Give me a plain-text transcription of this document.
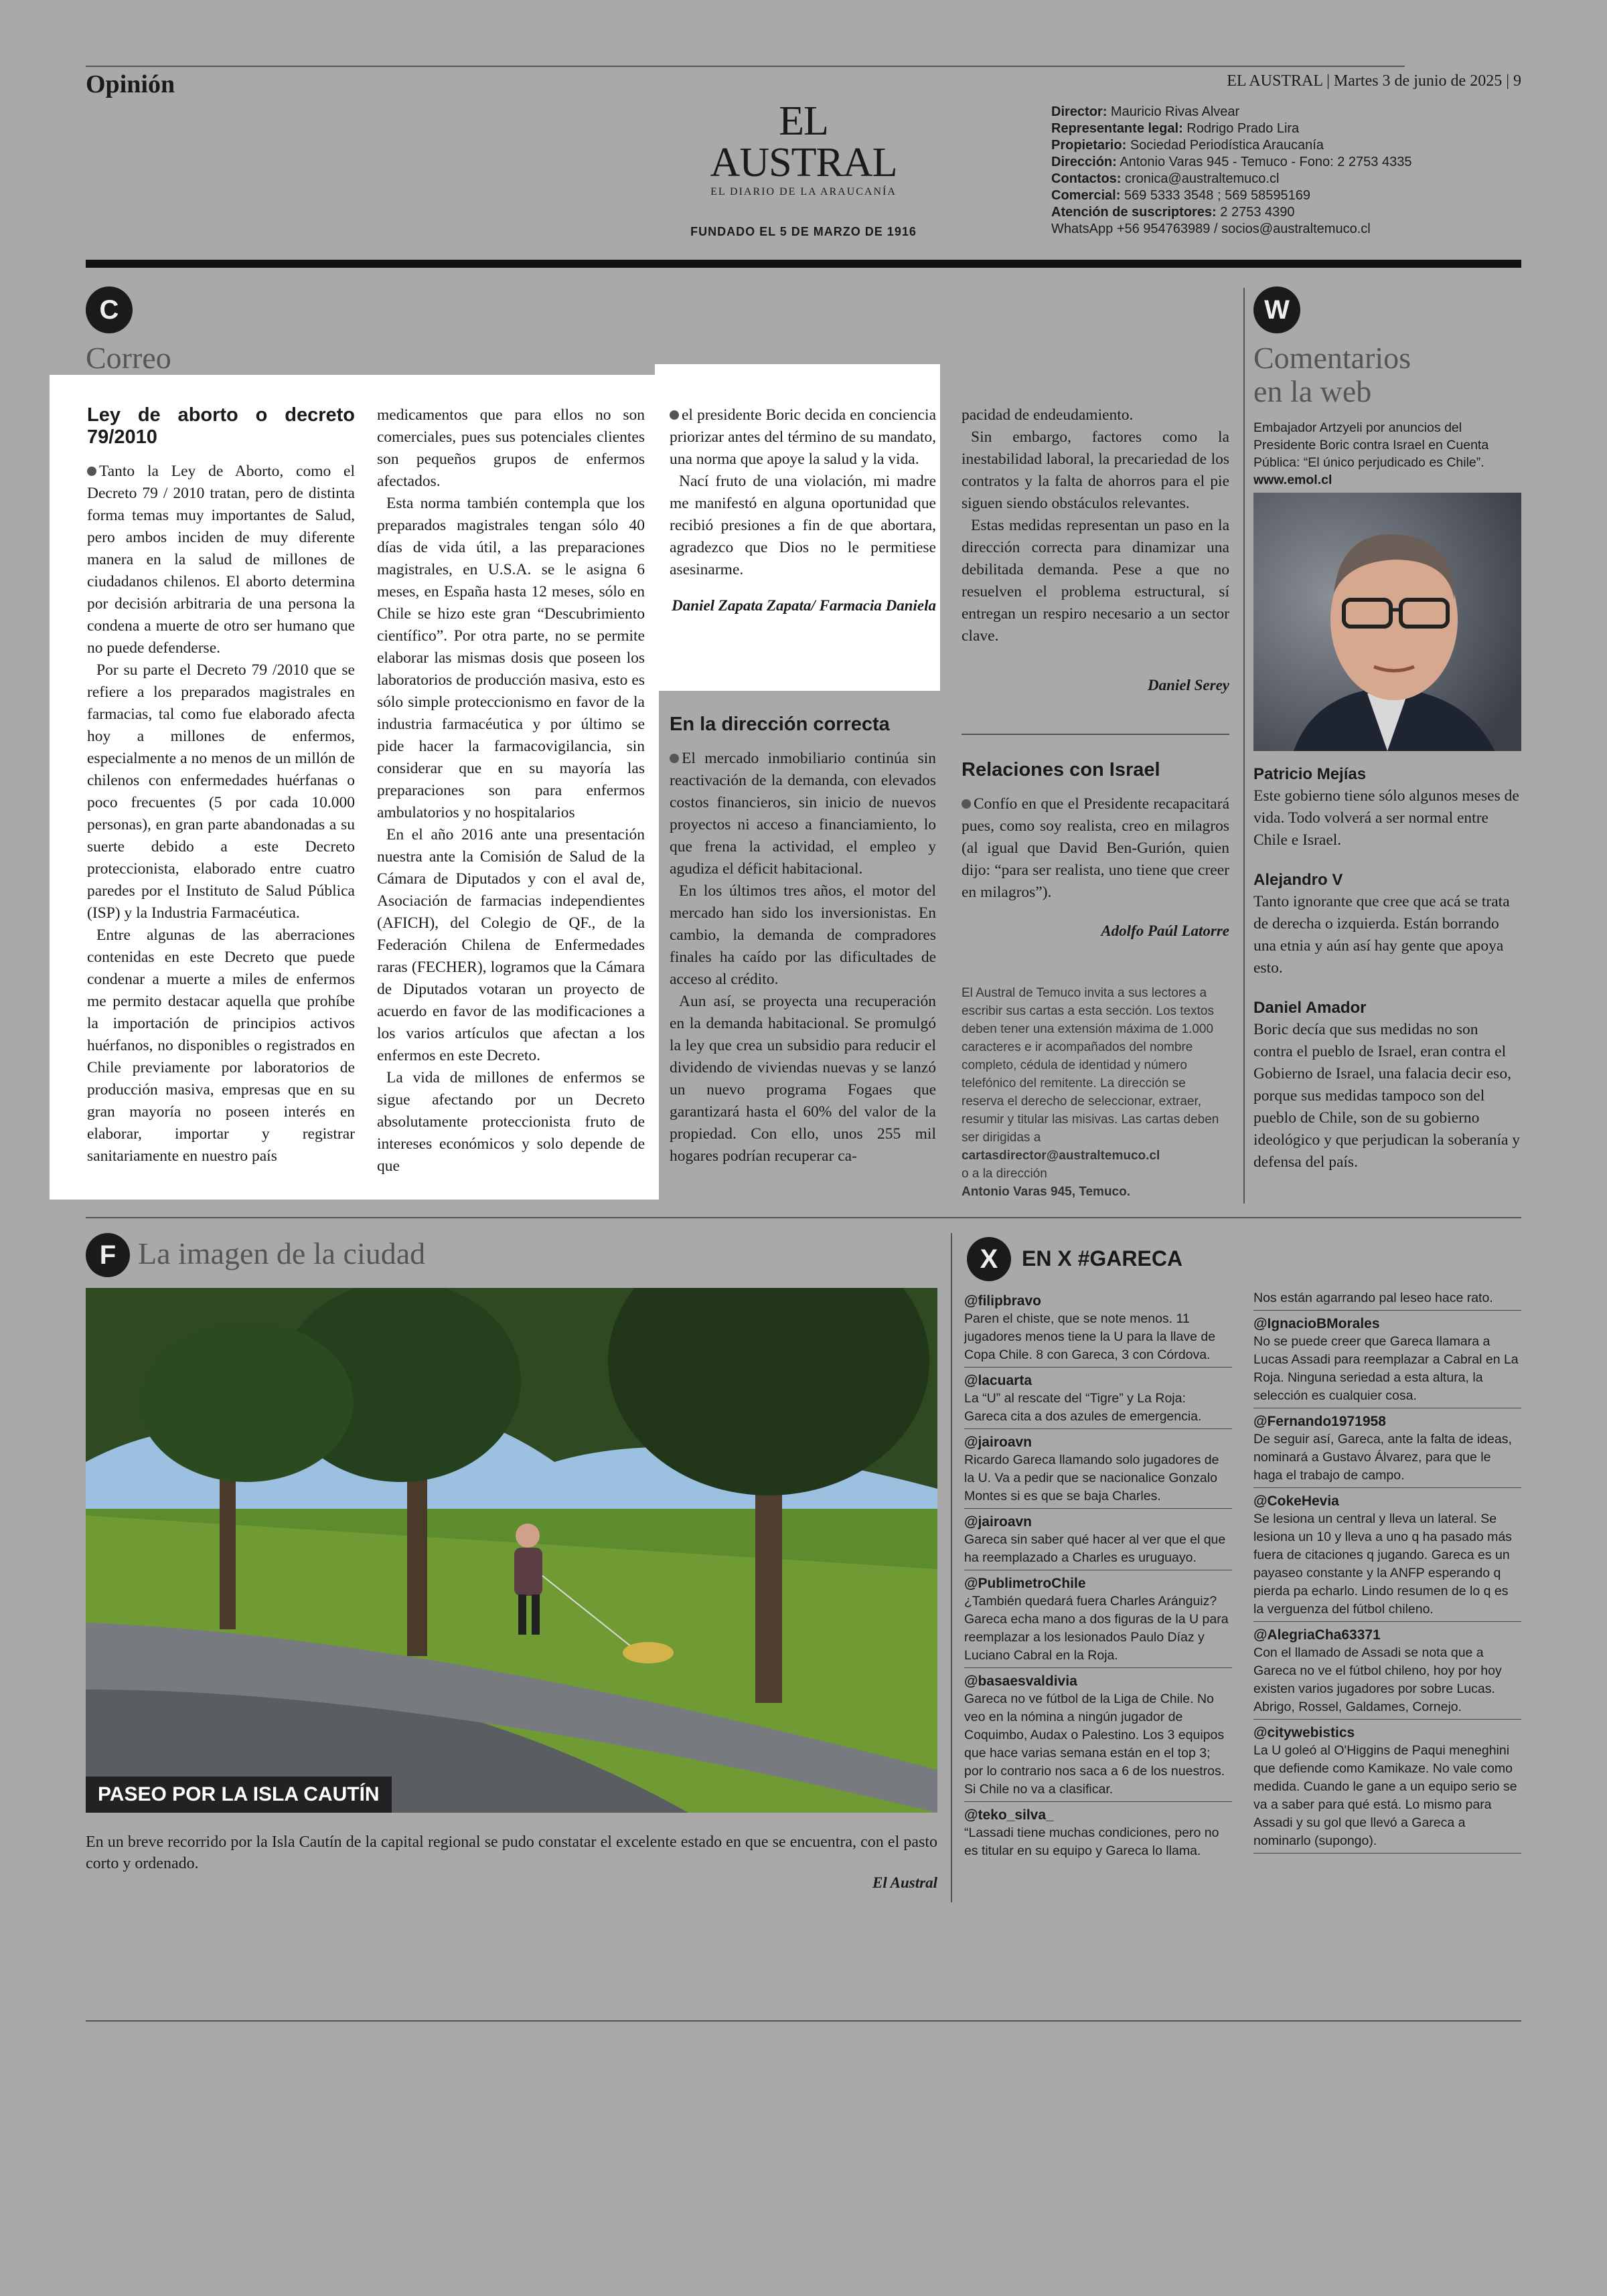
Opinión	EL AUSTRAL | Martes 3 de junio de 2025 | 9
EL AUSTRAL
EL DIARIO DE LA ARAUCANÍA
FUNDADO EL 5 DE MARZO DE 1916
Director: Mauricio Rivas Alvear
Representante legal: Rodrigo Prado Lira
Propietario: Sociedad Periodística Araucanía
Dirección: Antonio Varas 945 - Temuco - Fono: 2 2753 4335
Contactos: cronica@australtemuco.cl
Comercial: 569 5333 3548 ; 569 58595169
Atención de suscriptores: 2 2753 4390
WhatsApp +56 954763989 / socios@australtemuco.cl
C
Correo
Ley de aborto o decreto 79/2010

Tanto la Ley de Aborto, como el Decreto 79 / 2010 tratan, pero de distinta forma temas muy importantes de Salud, pero ambos inciden de muy diferente manera en la salud de millones de ciudadanos chilenos. El aborto determina por decisión arbitraria de una persona la condena a muerte de otro ser humano que no puede defenderse.

Por su parte el Decreto 79 /2010 que se refiere a los preparados magistrales en farmacias, tal como fue elaborado afecta hoy a millones de enfermos, especialmente a no menos de un millón de chilenos con enfermedades huérfanas o poco frecuentes (5 por cada 10.000 personas), en gran parte abandonadas a su suerte debido a este Decreto proteccionista, elaborado entre cuatro paredes por el Instituto de Salud Pública (ISP) y la Industria Farmacéutica.

Entre algunas de las aberraciones contenidas en este Decreto que puede condenar a muerte a miles de enfermos me permito destacar aquella que prohíbe la importación de principios activos huérfanos, no disponibles o registrados en Chile previamente por laboratorios de producción masiva, empresas que en su gran mayoría no poseen interés en elaborar, importar y registrar sanitariamente en nuestro país

medicamentos que para ellos no son comerciales, pues sus potenciales clientes son pequeños grupos de enfermos afectados.

Esta norma también contempla que los preparados magistrales tengan sólo 40 días de vida útil, a las preparaciones magistrales, en U.S.A. se le asigna 6 meses, en España hasta 12 meses, sólo en Chile se hizo este gran “Descubrimiento científico”. Por otra parte, no se permite elaborar las mismas dosis que poseen los laboratorios de producción masiva, esto es sólo simple proteccionismo en favor de la industria farmacéutica y por último se pide hacer la farmacovigilancia, sin considerar que en su mayoría las preparaciones son para enfermos ambulatorios y no hospitalarios

En el año 2016 ante una presentación nuestra ante la Comisión de Salud de la Cámara de Diputados y con el aval de, Asociación de farmacias independientes (AFICH), del Colegio de QF., de la Federación Chilena de Enfermedades raras (FECHER), logramos que la Cámara de Diputados votaran un proyecto de acuerdo en favor de las modificaciones a los varios artículos que afectan a los enfermos en este Decreto.

La vida de millones de enfermos se sigue afectando por un Decreto absolutamente proteccionista fruto de intereses económicos y solo depende de que

el presidente Boric decida en conciencia priorizar antes del término de su mandato, una norma que apoye la salud y la vida.

Nací fruto de una violación, mi madre me manifestó en alguna oportunidad que recibió presiones a fin de que abortara, agradezco que Dios no le permitiese asesinarme.

Daniel Zapata Zapata/ Farmacia Daniela
En la dirección correcta

El mercado inmobiliario continúa sin reactivación de la demanda, con elevados costos financieros, sin inicio de nuevos proyectos ni acceso a financiamiento, lo que frena la actividad, el empleo y agudiza el déficit habitacional.

En los últimos tres años, el motor del mercado han sido los inversionistas. En cambio, la demanda de compradores finales ha caído por las dificultades de acceso al crédito.

Aun así, se proyecta una recuperación en la demanda habitacional. Se promulgó la ley que crea un subsidio para reducir el dividendo de viviendas nuevas y se lanzó un nuevo programa Fogaes que garantizará hasta el 60% del valor de la propiedad. Con ello, unos 255 mil hogares podrían recuperar ca-

pacidad de endeudamiento.

Sin embargo, factores como la inestabilidad laboral, la precariedad de los contratos y la falta de ahorros para el pie siguen siendo obstáculos relevantes.

Estas medidas representan un paso en la dirección correcta para dinamizar una debilitada demanda. Pese a que no resuelven el problema estructural, sí entregan un respiro necesario a un sector clave.

Daniel Serey
Relaciones con Israel

Confío en que el Presidente recapacitará pues, como soy realista, creo en milagros (al igual que David Ben-Gurión, quien dijo: “para ser realista, uno tiene que creer en milagros”).

Adolfo Paúl Latorre
El Austral de Temuco invita a sus lectores a escribir sus cartas a esta sección. Los textos deben tener una extensión máxima de 1.000 caracteres e ir acompañados del nombre completo, cédula de identidad y número telefónico del remitente. La dirección se reserva el derecho de seleccionar, extraer, resumir y titular las misivas. Las cartas deben ser dirigidas a
cartasdirector@australtemuco.cl
o a la dirección
Antonio Varas 945, Temuco.
W
Comentarios
en la web
Embajador Artzyeli por anuncios del Presidente Boric contra Israel en Cuenta Pública: “El único perjudicado es Chile”. www.emol.cl
Patricio Mejías
Este gobierno tiene sólo algunos meses de vida. Todo volverá a ser normal entre Chile e Israel.
Alejandro V
Tanto ignorante que cree que acá se trata de derecha o izquierda. Están borrando una etnia y aún así hay gente que apoya esto.
Daniel Amador
Boric decía que sus medidas no son contra el pueblo de Israel, eran contra el Gobierno de Israel, una falacia decir eso, porque sus medidas tampoco son del pueblo de Chile, son de su gobierno ideológico y que perjudican la soberanía y defensa del país.
F La imagen de la ciudad
PASEO POR LA ISLA CAUTÍN
En un breve recorrido por la Isla Cautín de la capital regional se pudo constatar el excelente estado en que se encuentra, con el pasto corto y ordenado.
El Austral
X	EN X #GARECA
@filipbravo
Paren el chiste, que se note menos. 11 jugadores menos tiene la U para la llave de Copa Chile. 8 con Gareca, 3 con Córdova.
@lacuarta
La “U” al rescate del “Tigre” y La Roja: Gareca cita a dos azules de emergencia.
@jairoavn
Ricardo Gareca llamando solo jugadores de la U. Va a pedir que se nacionalice Gonzalo Montes si es que se baja Charles.
@jairoavn
Gareca sin saber qué hacer al ver que el que ha reemplazado a Charles es uruguayo.
@PublimetroChile
¿También quedará fuera Charles Aránguiz? Gareca echa mano a dos figuras de la U para reemplazar a los lesionados Paulo Díaz y Luciano Cabral en la Roja.
@basaesvaldivia
Gareca no ve fútbol de la Liga de Chile. No veo en la nómina a ningún jugador de Coquimbo, Audax o Palestino. Los 3 equipos que hace varias semana están en el top 3; por lo contrario nos saca a 6 de los nuestros. Si Chile no va a clasificar.
@teko_silva_
“Lassadi tiene muchas condiciones, pero no es titular en su equipo y Gareca lo llama.
Nos están agarrando pal leseo hace rato.
@IgnacioBMorales
No se puede creer que Gareca llamara a Lucas Assadi para reemplazar a Cabral en La Roja. Ninguna seriedad a esta altura, la selección es cualquier cosa.
@Fernando1971958
De seguir así, Gareca, ante la falta de ideas, nominará a Gustavo Álvarez, para que le haga el trabajo de campo.
@CokeHevia
Se lesiona un central y lleva un lateral. Se lesiona un 10 y lleva a uno q ha pasado más fuera de citaciones q jugando. Gareca es un payaseo constante y la ANFP esperando q pierda pa echarlo. Lindo resumen de lo q es la verguenza del fútbol chileno.
@AlegriaCha63371
Con el llamado de Assadi se nota que a Gareca no ve el fútbol chileno, hoy por hoy existen varios jugadores por sobre Lucas. Abrigo, Rossel, Galdames, Cornejo.
@citywebistics
La U goleó al O'Higgins de Paqui meneghini que defiende como Kamikaze. No vale como medida. Cuando le gane a un equipo serio se va a saber para qué está. Lo mismo para Assadi y su gol que llevó a Gareca a nominarlo (supongo).
